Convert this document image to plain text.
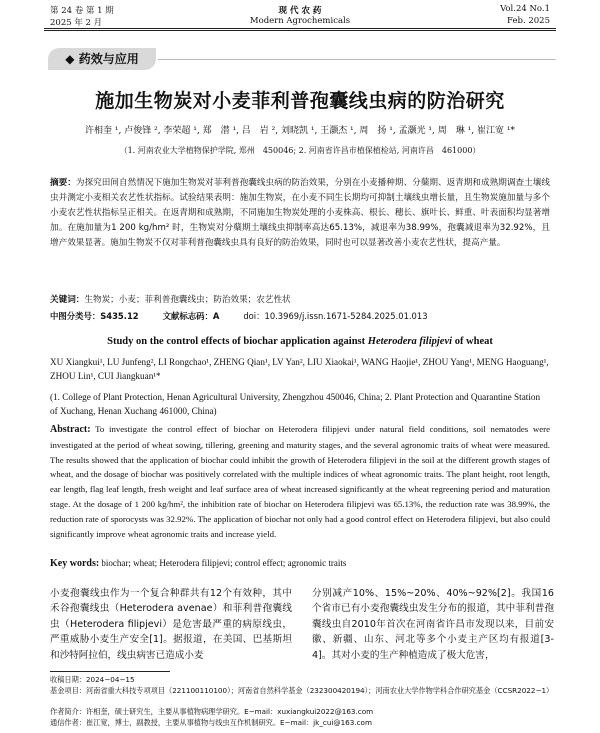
第 24 卷 第 1 期
2025 年 2 月
现 代 农 药
Modern Agrochemicals
Vol.24 No.1
Feb. 2025
◆ 药效与应用
施加生物炭对小麦菲利普孢囊线虫病的防治研究
许相奎 ¹, 卢俊锋 ², 李荣超 ¹, 郑　潜 ¹, 吕　岩 ², 刘晓凯 ¹, 王灏杰 ¹, 周　扬 ¹, 孟灏光 ¹, 周　琳 ¹, 崔江宽 ¹*
（1. 河南农业大学植物保护学院, 郑州　450046; 2. 河南省许昌市植保植检站, 河南许昌　461000）
摘要：为探究田间自然情况下施加生物炭对菲利普孢囊线虫病的防治效果，分别在小麦播种期、分蘖期、返青期和成熟期调查土壤线虫并测定小麦相关农艺性状指标。试验结果表明：施加生物炭，在小麦不同生长期均可抑制土壤线虫增长量，且生物炭施加量与多个小麦农艺性状指标呈正相关。在返青期和成熟期，不同施加生物炭处理的小麦株高、根长、穗长、旗叶长、鲜重、叶表面积均显著增加。在施加量为1 200 kg/hm² 时，生物炭对分蘖期土壤线虫抑制率高达65.13%，减退率为38.99%，孢囊减退率为32.92%，且增产效果显著。施加生物炭不仅对菲利普孢囊线虫具有良好的防治效果，同时也可以显著改善小麦农艺性状，提高产量。
关键词：生物炭；小麦；菲利普孢囊线虫；防治效果；农艺性状
中图分类号：S435.12	文献标志码：A	doi：10.3969/j.issn.1671-5284.2025.01.013
Study on the control effects of biochar application against Heterodera filipjevi of wheat
XU Xiangkui¹, LU Junfeng², LI Rongchao¹, ZHENG Qian¹, LV Yan², LIU Xiaokai¹, WANG Haojie¹, ZHOU Yang¹, MENG Haoguang¹, ZHOU Lin¹, CUI Jiangkuan¹*
(1. College of Plant Protection, Henan Agricultural University, Zhengzhou 450046, China; 2. Plant Protection and Quarantine Station of Xuchang, Henan Xuchang 461000, China)
Abstract: To investigate the control effect of biochar on Heterodera filipjevi under natural field conditions, soil nematodes were investigated at the period of wheat sowing, tillering, greening and maturity stages, and the several agronomic traits of wheat were measured. The results showed that the application of biochar could inhibit the growth of Heterodera filipjevi in the soil at the different growth stages of wheat, and the dosage of biochar was positively correlated with the multiple indices of wheat agronomic traits. The plant height, root length, ear length, flag leaf length, fresh weight and leaf surface area of wheat increased significantly at the wheat regreening period and maturation stage. At the dosage of 1 200 kg/hm², the inhibition rate of biochar on Heterodera filipjevi was 65.13%, the reduction rate was 38.99%, the reduction rate of sporocysts was 32.92%. The application of biochar not only had a good control effect on Heterodera filipjevi, but also could significantly improve wheat agronomic traits and increase yield.
Key words: biochar; wheat; Heterodera filipjevi; control effect; agronomic traits
小麦孢囊线虫作为一个复合种群共有12个有效种，其中禾谷孢囊线虫（Heterodera avenae）和菲利普孢囊线虫（Heterodera filipjevi）是危害最严重的病原线虫，严重威胁小麦生产安全[1]。据报道，在美国、巴基斯坦和沙特阿拉伯，线虫病害已造成小麦
分别减产10%、15%~20%、40%~92%[2]。我国16个省市已有小麦孢囊线虫发生分布的报道，其中菲利普孢囊线虫自2010年首次在河南省许昌市发现以来，目前安徽、新疆、山东、河北等多个小麦主产区均有报道[3-4]。其对小麦的生产种植造成了极大危害，
收稿日期：2024−04−15
基金项目：河南省重大科技专项项目（221100110100）；河南省自然科学基金（232300420194）；河南农业大学作物学科合作研究基金（CCSR2022−1）
作者简介：许相奎，硕士研究生，主要从事植物病理学研究。E−mail：xuxiangkui2022@163.com
通信作者：崔江宽，博士，副教授，主要从事植物与线虫互作机制研究。E−mail：jk_cui@163.com
